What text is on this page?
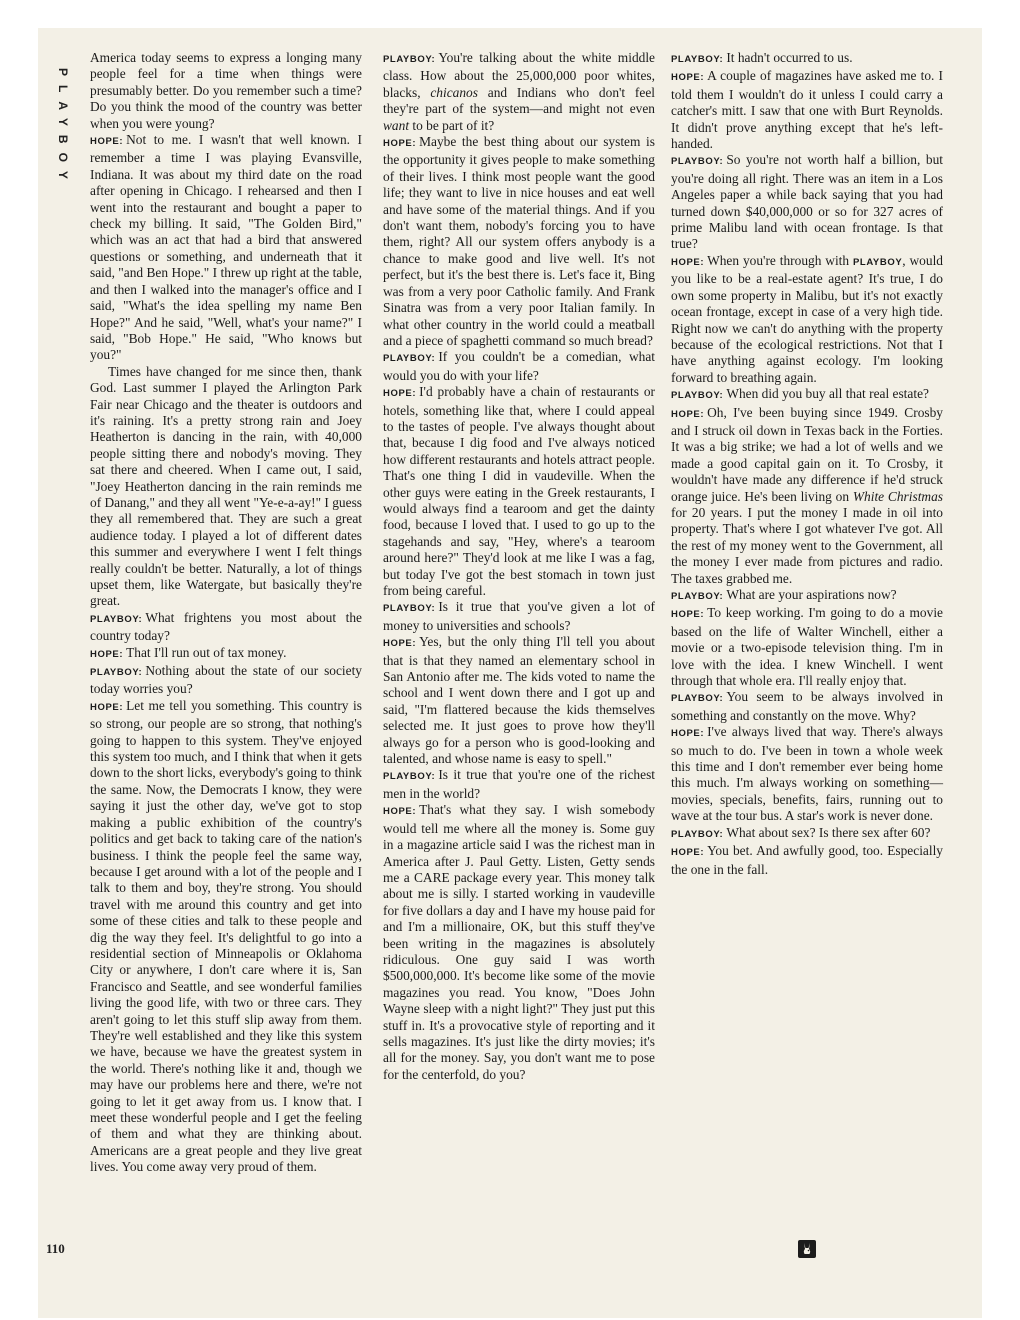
PLAYBOY

America today seems to express a longing many people feel for a time when things were presumably better. Do you remember such a time? Do you think the mood of the country was better when you were young?

HOPE: Not to me. I wasn't that well known. I remember a time I was playing Evansville, Indiana. It was about my third date on the road after opening in Chicago. I rehearsed and then I went into the restaurant and bought a paper to check my billing. It said, "The Golden Bird," which was an act that had a bird that answered questions or something, and underneath that it said, "and Ben Hope." I threw up right at the table, and then I walked into the manager's office and I said, "What's the idea spelling my name Ben Hope?" And he said, "Well, what's your name?" I said, "Bob Hope." He said, "Who knows but you?"

Times have changed for me since then, thank God. Last summer I played the Arlington Park Fair near Chicago and the theater is outdoors and it's raining. It's a pretty strong rain and Joey Heatherton is dancing in the rain, with 40,000 people sitting there and nobody's moving. They sat there and cheered. When I came out, I said, "Joey Heatherton dancing in the rain reminds me of Danang," and they all went "Ye-e-a-ay!" I guess they all remembered that. They are such a great audience today. I played a lot of different dates this summer and everywhere I went I felt things really couldn't be better. Naturally, a lot of things upset them, like Watergate, but basically they're great.

PLAYBOY: What frightens you most about the country today?

HOPE: That I'll run out of tax money.

PLAYBOY: Nothing about the state of our society today worries you?

HOPE: Let me tell you something. This country is so strong, our people are so strong, that nothing's going to happen to this system. They've enjoyed this system too much, and I think that when it gets down to the short licks, everybody's going to think the same. Now, the Democrats I know, they were saying it just the other day, we've got to stop making a public exhibition of the country's politics and get back to taking care of the nation's business. I think the people feel the same way, because I get around with a lot of the people and I talk to them and boy, they're strong. You should travel with me around this country and get into some of these cities and talk to these people and dig the way they feel. It's delightful to go into a residential section of Minneapolis or Oklahoma City or anywhere, I don't care where it is, San Francisco and Seattle, and see wonderful families living the good life, with two or three cars. They aren't going to let this stuff slip away from them. They're well established and they like this system we have, because we have the greatest system in the world. There's nothing like it and, though we may have our problems here and there, we're not going to let it get away from us. I know that. I meet these wonderful people and I get the feeling of them and what they are thinking about. Americans are a great people and they live great lives. You come away very proud of them.

PLAYBOY: You're talking about the white middle class. How about the 25,000,000 poor whites, blacks, chicanos and Indians who don't feel they're part of the system—and might not even want to be part of it?

HOPE: Maybe the best thing about our system is the opportunity it gives people to make something of their lives. I think most people want the good life; they want to live in nice houses and eat well and have some of the material things. And if you don't want them, nobody's forcing you to have them, right? All our system offers anybody is a chance to make good and live well. It's not perfect, but it's the best there is. Let's face it, Bing was from a very poor Catholic family. And Frank Sinatra was from a very poor Italian family. In what other country in the world could a meatball and a piece of spaghetti command so much bread?

PLAYBOY: If you couldn't be a comedian, what would you do with your life?

HOPE: I'd probably have a chain of restaurants or hotels, something like that, where I could appeal to the tastes of people. I've always thought about that, because I dig food and I've always noticed how different restaurants and hotels attract people. That's one thing I did in vaudeville. When the other guys were eating in the Greek restaurants, I would always find a tearoom and get the dainty food, because I loved that. I used to go up to the stagehands and say, "Hey, where's a tearoom around here?" They'd look at me like I was a fag, but today I've got the best stomach in town just from being careful.

PLAYBOY: Is it true that you've given a lot of money to universities and schools?

HOPE: Yes, but the only thing I'll tell you about that is that they named an elementary school in San Antonio after me. The kids voted to name the school and I went down there and I got up and said, "I'm flattered because the kids themselves selected me. It just goes to prove how they'll always go for a person who is good-looking and talented, and whose name is easy to spell."

PLAYBOY: Is it true that you're one of the richest men in the world?

HOPE: That's what they say. I wish somebody would tell me where all the money is. Some guy in a magazine article said I was the richest man in America after J. Paul Getty. Listen, Getty sends me a CARE package every year. This money talk about me is silly. I started working in vaudeville for five dollars a day and I have my house paid for and I'm a millionaire, OK, but this stuff they've been writing in the magazines is absolutely ridiculous. One guy said I was worth $500,000,000. It's become like some of the movie magazines you read. You know, "Does John Wayne sleep with a night light?" They just put this stuff in. It's a provocative style of reporting and it sells magazines. It's just like the dirty movies; it's all for the money. Say, you don't want me to pose for the centerfold, do you?

PLAYBOY: It hadn't occurred to us.

HOPE: A couple of magazines have asked me to. I told them I wouldn't do it unless I could carry a catcher's mitt. I saw that one with Burt Reynolds. It didn't prove anything except that he's left-handed.

PLAYBOY: So you're not worth half a billion, but you're doing all right. There was an item in a Los Angeles paper a while back saying that you had turned down $40,000,000 or so for 327 acres of prime Malibu land with ocean frontage. Is that true?

HOPE: When you're through with PLAYBOY, would you like to be a real-estate agent? It's true, I do own some property in Malibu, but it's not exactly ocean frontage, except in case of a very high tide. Right now we can't do anything with the property because of the ecological restrictions. Not that I have anything against ecology. I'm looking forward to breathing again.

PLAYBOY: When did you buy all that real estate?

HOPE: Oh, I've been buying since 1949. Crosby and I struck oil down in Texas back in the Forties. It was a big strike; we had a lot of wells and we made a good capital gain on it. To Crosby, it wouldn't have made any difference if he'd struck orange juice. He's been living on White Christmas for 20 years. I put the money I made in oil into property. That's where I got whatever I've got. All the rest of my money went to the Government, all the money I ever made from pictures and radio. The taxes grabbed me.

PLAYBOY: What are your aspirations now?

HOPE: To keep working. I'm going to do a movie based on the life of Walter Winchell, either a movie or a two-episode television thing. I'm in love with the idea. I knew Winchell. I went through that whole era. I'll really enjoy that.

PLAYBOY: You seem to be always involved in something and constantly on the move. Why?

HOPE: I've always lived that way. There's always so much to do. I've been in town a whole week this time and I don't remember ever being home this much. I'm always working on something—movies, specials, benefits, fairs, running out to wave at the tour bus. A star's work is never done.

PLAYBOY: What about sex? Is there sex after 60?

HOPE: You bet. And awfully good, too. Especially the one in the fall.

110
